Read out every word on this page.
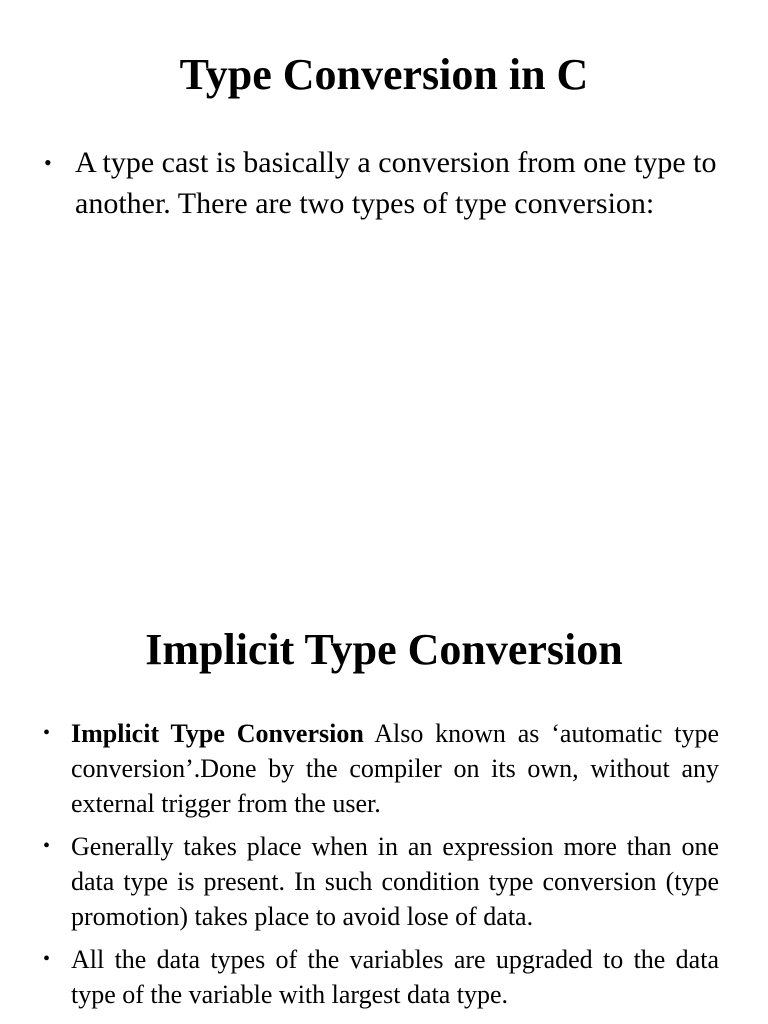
Type Conversion in C
• A type cast is basically a conversion from one type to another. There are two types of type conversion:
Implicit Type Conversion
• Implicit Type Conversion Also known as ‘automatic type conversion’.Done by the compiler on its own, without any external trigger from the user.
• Generally takes place when in an expression more than one data type is present. In such condition type conversion (type promotion) takes place to avoid lose of data.
• All the data types of the variables are upgraded to the data type of the variable with largest data type.
